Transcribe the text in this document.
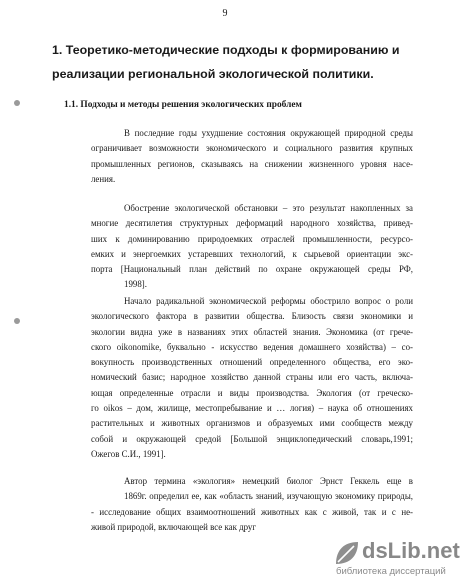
9
1. Теоретико-методические подходы к формированию и
реализации региональной экологической политики.
1.1. Подходы и методы решения экологических проблем

В последние годы ухудшение состояния окружающей природной среды
ограничивает возможности экономического и социального развития крупных
промышленных регионов, сказываясь на снижении жизненного уровня насе-
ления.

Обострение экологической обстановки – это результат накопленных за
многие десятилетия структурных деформаций народного хозяйства, привед-
ших к доминированию природоемких отраслей промышленности, ресурсо-
емких и энергоемких устаревших технологий, к сырьевой ориентации экс-
порта [Национальный план действий по охране окружающей среды РФ,
1998].

Начало радикальной экономической реформы обострило вопрос о роли
экологического фактора в развитии общества. Близость связи экономики и
экологии видна уже в названиях этих областей знания. Экономика (от грече-
ского oikonomike, буквально - искусство ведения домашнего хозяйства) – со-
вокупность производственных отношений определенного общества, его эко-
номический базис; народное хозяйство данной страны или его часть, включа-
ющая определенные отрасли и виды производства. Экология (от греческо-
го oikos – дом, жилище, местопребывание и … логия) – наука об отношениях
растительных и животных организмов и образуемых ими сообществ между
собой и окружающей средой [Большой энциклопедический словарь,1991;
Ожегов С.И., 1991].

Автор термина «экология» немецкий биолог Эрнст Геккель еще в
1869г. определил ее, как «область знаний, изучающую экономику природы,
- исследование общих взаимоотношений животных как с живой, так и с не-
живой природой, включающей все как друг

dsLib.net
библиотека диссертаций
